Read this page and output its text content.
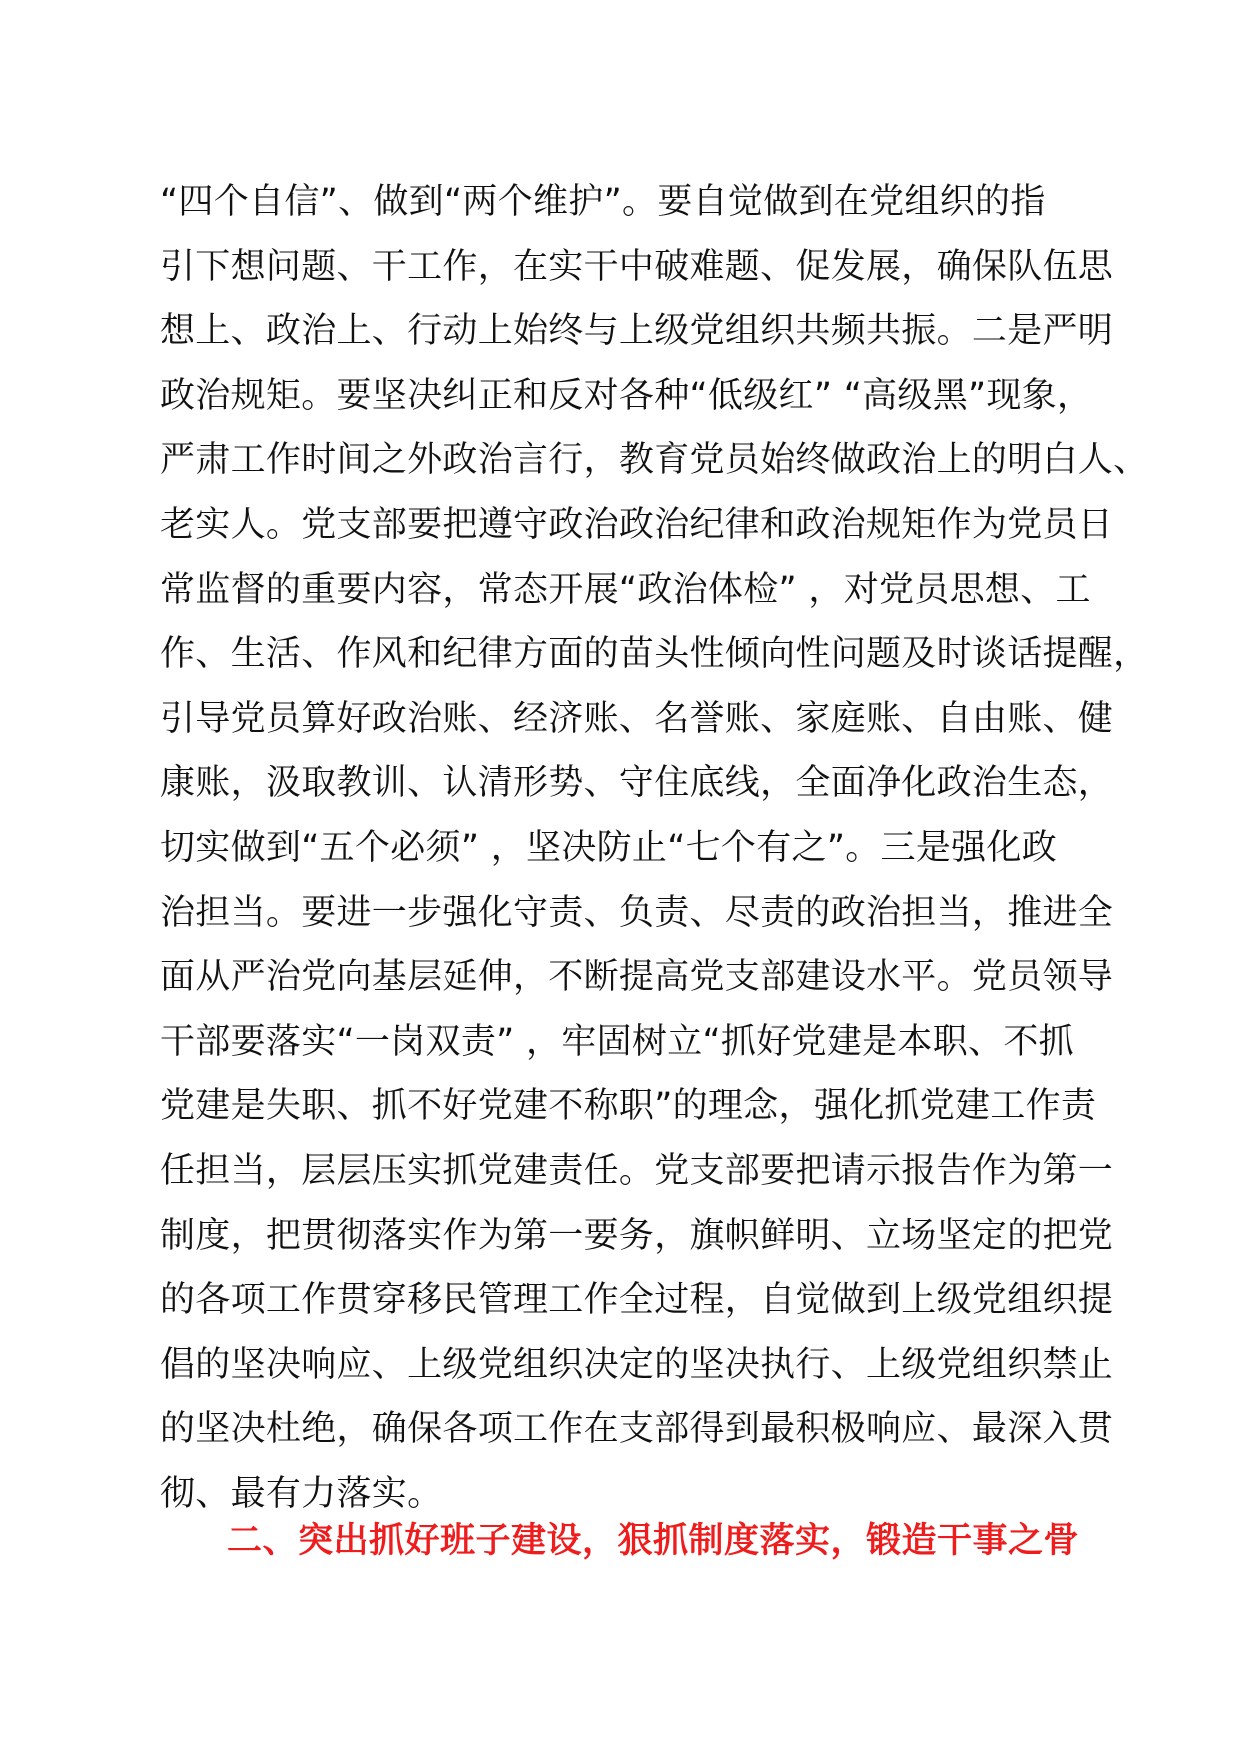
“四个自信”、做到“两个维护”。要自觉做到在党组织的指
引下想问题、干工作，在实干中破难题、促发展，确保队伍思
想上、政治上、行动上始终与上级党组织共频共振。二是严明
政治规矩。要坚决纠正和反对各种“低级红” “高级黑”现象，
严肃工作时间之外政治言行，教育党员始终做政治上的明白人、
老实人。党支部要把遵守政治政治纪律和政治规矩作为党员日
常监督的重要内容，常态开展“政治体检” ，对党员思想、工
作、生活、作风和纪律方面的苗头性倾向性问题及时谈话提醒，
引导党员算好政治账、经济账、名誉账、家庭账、自由账、健
康账，汲取教训、认清形势、守住底线，全面净化政治生态，
切实做到“五个必须” ，坚决防止“七个有之”。三是强化政
治担当。要进一步强化守责、负责、尽责的政治担当，推进全
面从严治党向基层延伸，不断提高党支部建设水平。党员领导
干部要落实“一岗双责” ，牢固树立“抓好党建是本职、不抓
党建是失职、抓不好党建不称职”的理念，强化抓党建工作责
任担当，层层压实抓党建责任。党支部要把请示报告作为第一
制度，把贯彻落实作为第一要务，旗帜鲜明、立场坚定的把党
的各项工作贯穿移民管理工作全过程，自觉做到上级党组织提
倡的坚决响应、上级党组织决定的坚决执行、上级党组织禁止
的坚决杜绝，确保各项工作在支部得到最积极响应、最深入贯
彻、最有力落实。
二、突出抓好班子建设，狠抓制度落实，锻造干事之骨
